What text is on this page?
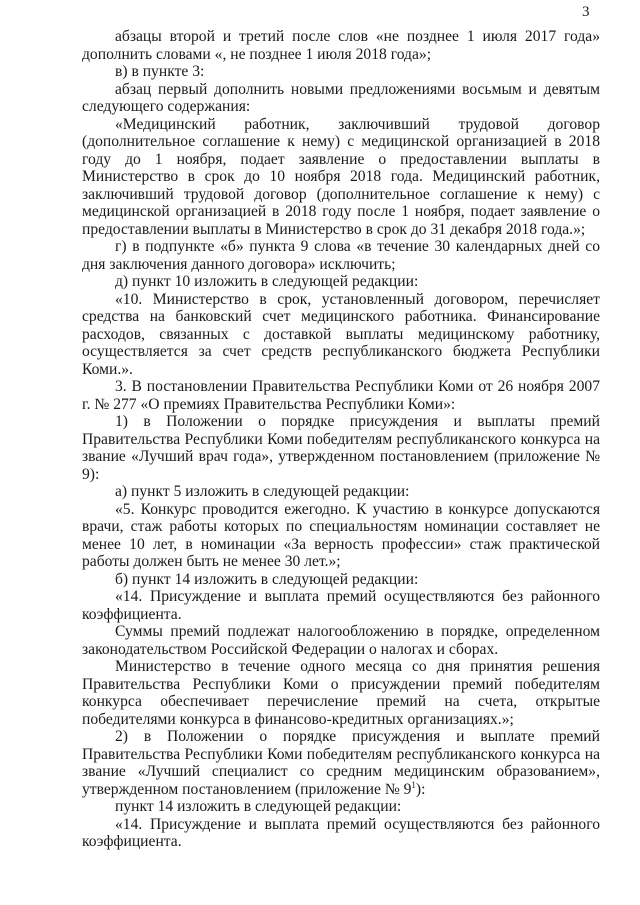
3

абзацы второй и третий после слов «не позднее 1 июля 2017 года» дополнить словами «, не позднее 1 июля 2018 года»;

в) в пункте 3:

абзац первый дополнить новыми предложениями восьмым и девятым следующего содержания:

«Медицинский работник, заключивший трудовой договор (дополнительное соглашение к нему) с медицинской организацией в 2018 году до 1 ноября, подает заявление о предоставлении выплаты в Министерство в срок до 10 ноября 2018 года. Медицинский работник, заключивший трудовой договор (дополнительное соглашение к нему) с медицинской организацией в 2018 году после 1 ноября, подает заявление о предоставлении выплаты в Министерство в срок до 31 декабря 2018 года.»;

г) в подпункте «б» пункта 9 слова «в течение 30 календарных дней со дня заключения данного договора» исключить;

д) пункт 10 изложить в следующей редакции:

«10. Министерство в срок, установленный договором, перечисляет средства на банковский счет медицинского работника. Финансирование расходов, связанных с доставкой выплаты медицинскому работнику, осуществляется за счет средств республиканского бюджета Республики Коми.».

3. В постановлении Правительства Республики Коми от 26 ноября 2007 г. № 277 «О премиях Правительства Республики Коми»:

1) в Положении о порядке присуждения и выплаты премий Правительства Республики Коми победителям республиканского конкурса на звание «Лучший врач года», утвержденном постановлением (приложение № 9):

а) пункт 5 изложить в следующей редакции:

«5. Конкурс проводится ежегодно. К участию в конкурсе допускаются врачи, стаж работы которых по специальностям номинации составляет не менее 10 лет, в номинации «За верность профессии» стаж практической работы должен быть не менее 30 лет.»;

б) пункт 14 изложить в следующей редакции:

«14. Присуждение и выплата премий осуществляются без районного коэффициента.

Суммы премий подлежат налогообложению в порядке, определенном законодательством Российской Федерации о налогах и сборах.

Министерство в течение одного месяца со дня принятия решения Правительства Республики Коми о присуждении премий победителям конкурса обеспечивает перечисление премий на счета, открытые победителями конкурса в финансово-кредитных организациях.»;

2) в Положении о порядке присуждения и выплате премий Правительства Республики Коми победителям республиканского конкурса на звание «Лучший специалист со средним медицинским образованием», утвержденном постановлением (приложение № $9^1$):

пункт 14 изложить в следующей редакции:

«14. Присуждение и выплата премий осуществляются без районного коэффициента.
